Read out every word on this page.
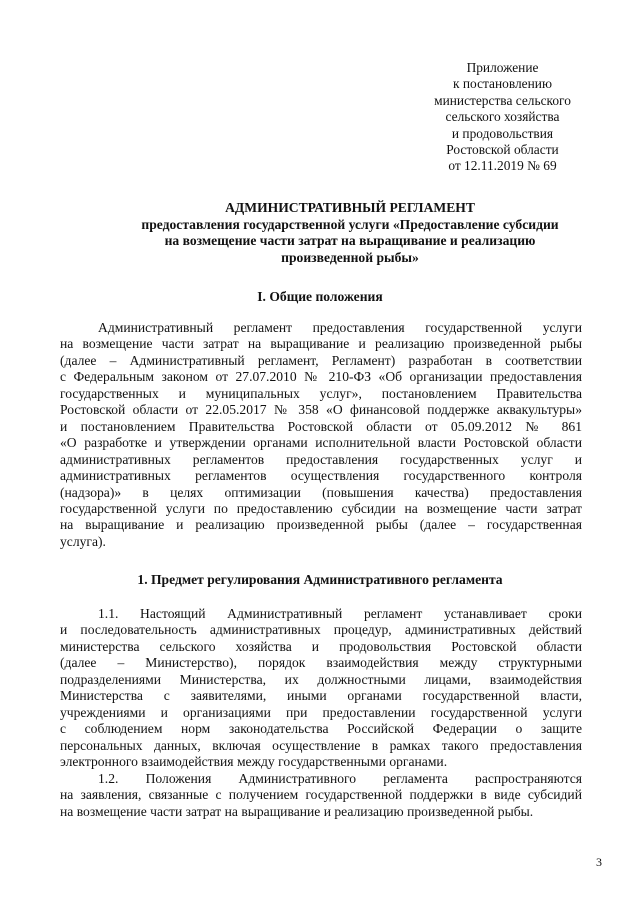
Приложение
к постановлению
министерства сельского
сельского хозяйства
и продовольствия
Ростовской области
от 12.11.2019 № 69
АДМИНИСТРАТИВНЫЙ РЕГЛАМЕНТ
предоставления государственной услуги «Предоставление субсидии
на возмещение части затрат на выращивание и реализацию
произведенной рыбы»
I. Общие положения
Административный регламент предоставления государственной услуги
на возмещение части затрат на выращивание и реализацию произведенной рыбы
(далее – Административный регламент, Регламент) разработан в соответствии
с Федеральным законом от 27.07.2010 № 210-ФЗ «Об организации предоставления
государственных и муниципальных услуг», постановлением Правительства
Ростовской области от 22.05.2017 № 358 «О финансовой поддержке аквакультуры»
и постановлением Правительства Ростовской области от 05.09.2012 № 861
«О разработке и утверждении органами исполнительной власти Ростовской области
административных регламентов предоставления государственных услуг и
административных регламентов осуществления государственного контроля
(надзора)» в целях оптимизации (повышения качества) предоставления
государственной услуги по предоставлению субсидии на возмещение части затрат
на выращивание и реализацию произведенной рыбы (далее – государственная
услуга).
1. Предмет регулирования Административного регламента
1.1. Настоящий Административный регламент устанавливает сроки
и последовательность административных процедур, административных действий
министерства сельского хозяйства и продовольствия Ростовской области
(далее – Министерство), порядок взаимодействия между структурными
подразделениями Министерства, их должностными лицами, взаимодействия
Министерства с заявителями, иными органами государственной власти,
учреждениями и организациями при предоставлении государственной услуги
с соблюдением норм законодательства Российской Федерации о защите
персональных данных, включая осуществление в рамках такого предоставления
электронного взаимодействия между государственными органами.
1.2. Положения Административного регламента распространяются
на заявления, связанные с получением государственной поддержки в виде субсидий
на возмещение части затрат на выращивание и реализацию произведенной рыбы.
3
